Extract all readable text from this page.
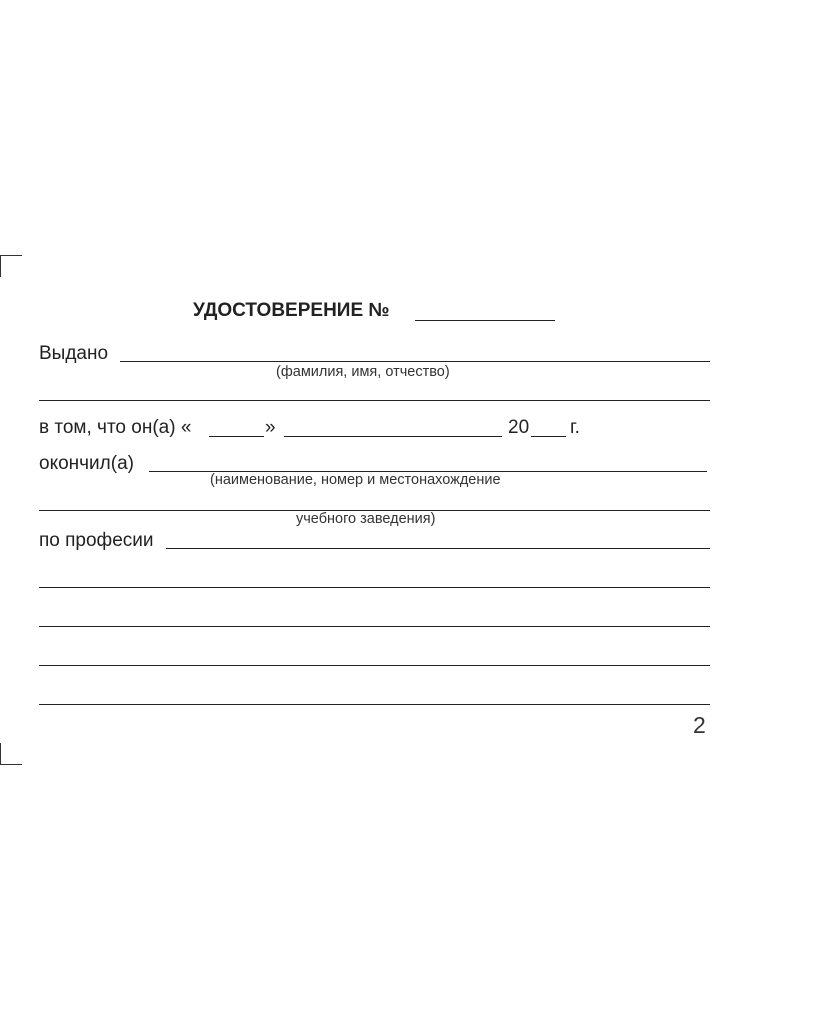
УДОСТОВЕРЕНИЕ №
Выдано
(фамилия, имя, отчество)
в том, что он(а) «	»	20 г.
окончил(а)
(наименование, номер и местонахождение
учебного заведения)
по професии
2
